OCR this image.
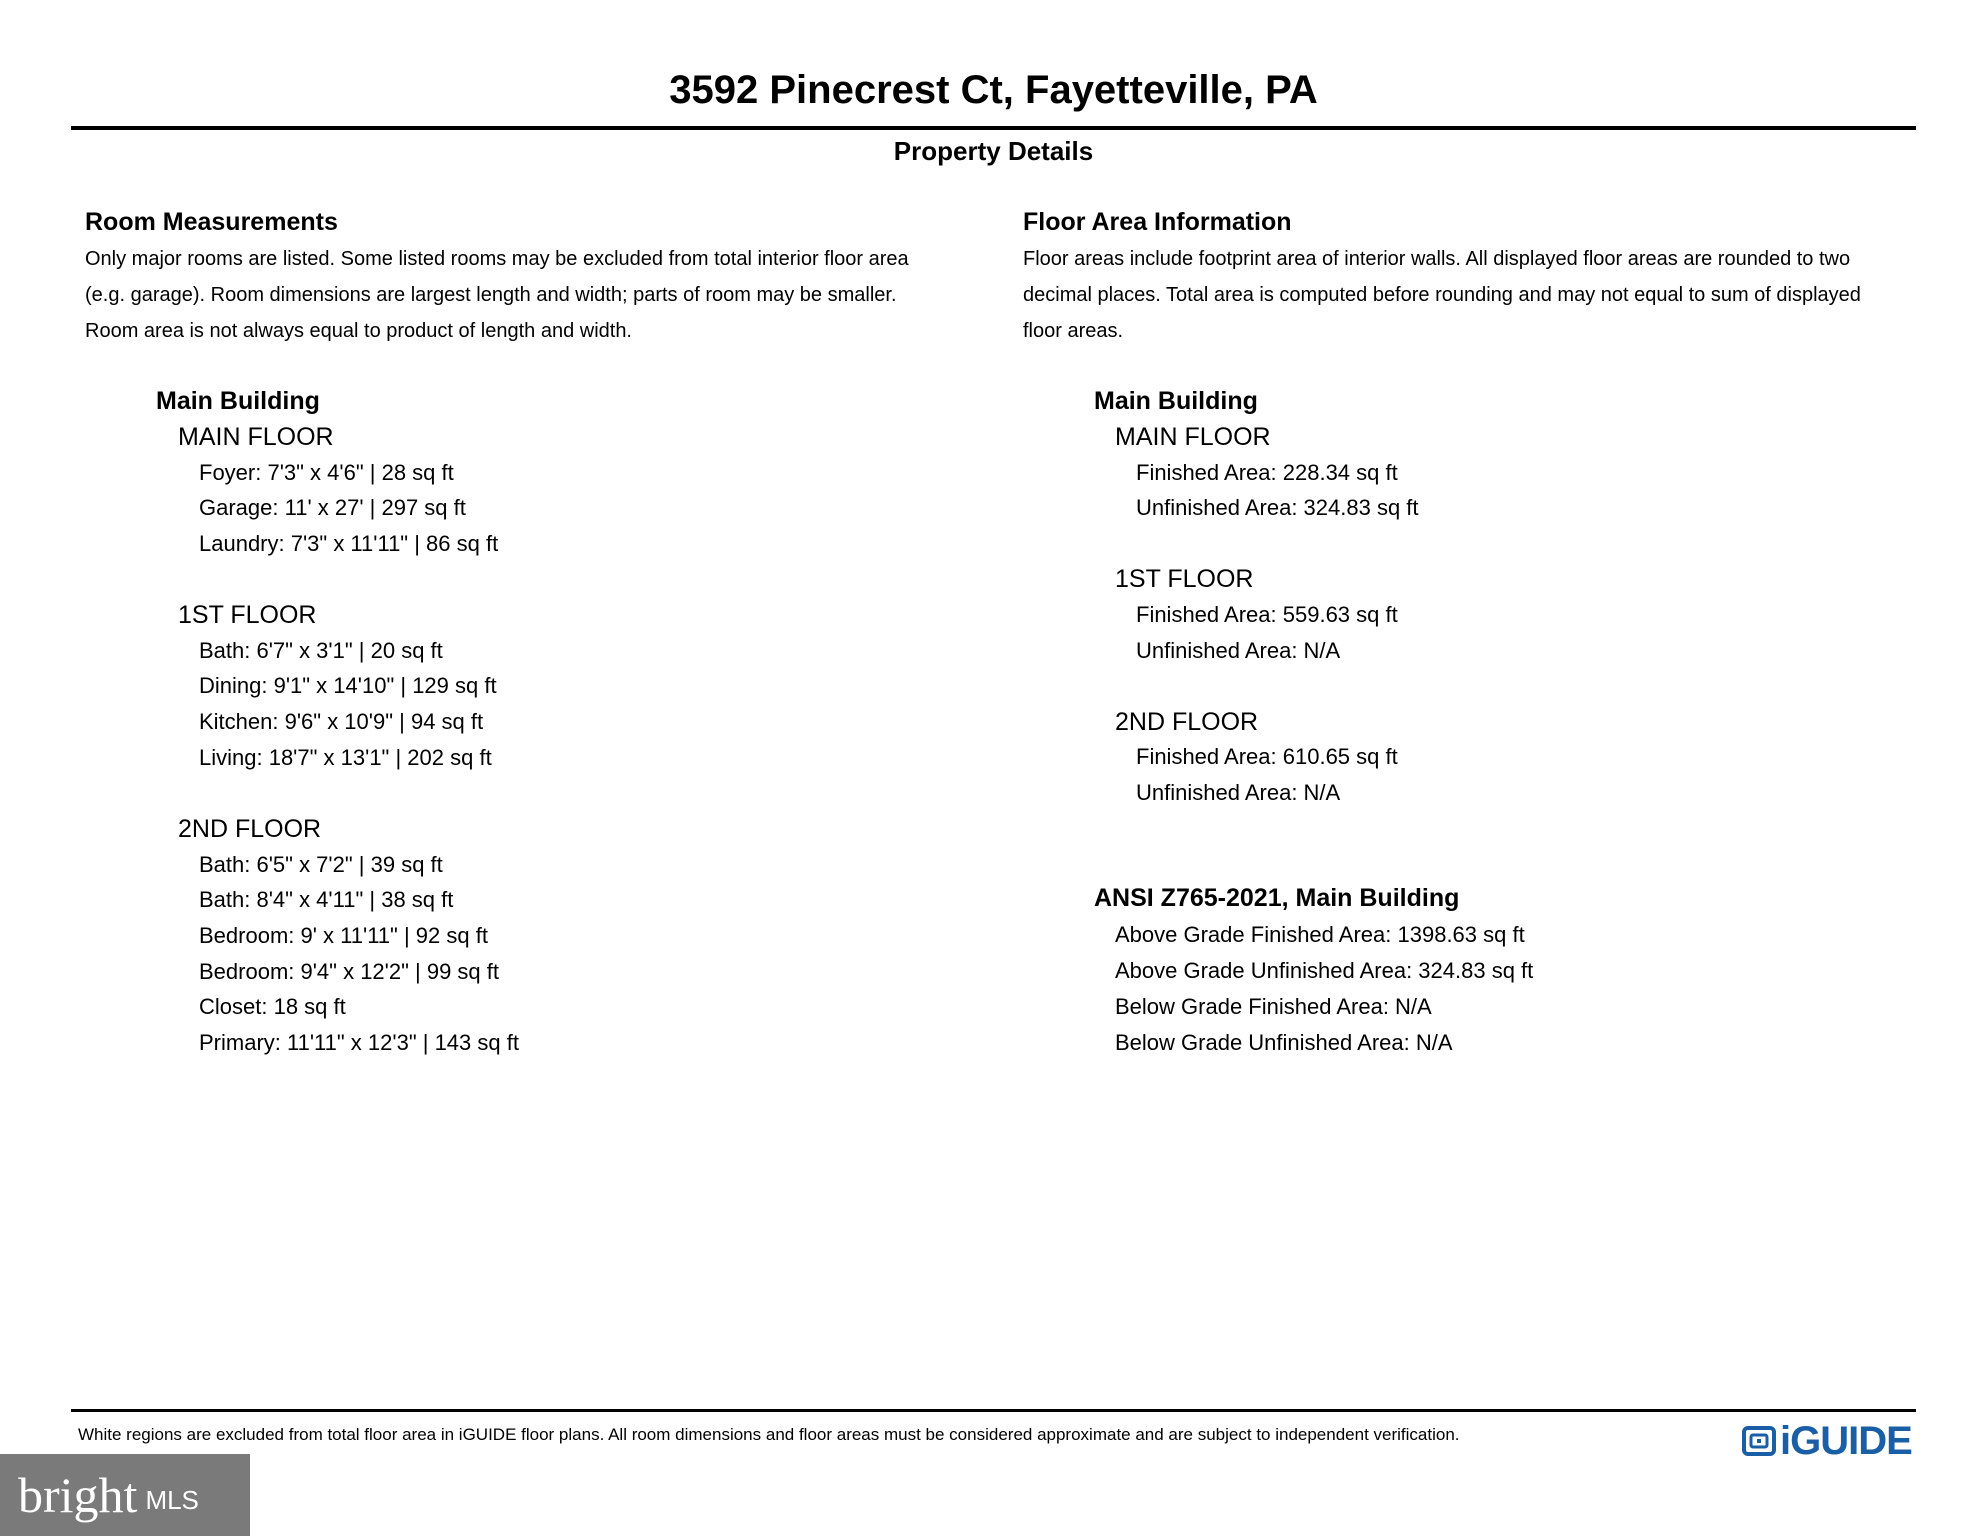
3592 Pinecrest Ct, Fayetteville, PA
Property Details
Room Measurements
Only major rooms are listed. Some listed rooms may be excluded from total interior floor area
(e.g. garage). Room dimensions are largest length and width; parts of room may be smaller.
Room area is not always equal to product of length and width.
Main Building
MAIN FLOOR
Foyer: 7'3" x 4'6" | 28 sq ft
Garage: 11' x 27' | 297 sq ft
Laundry: 7'3" x 11'11" | 86 sq ft
1ST FLOOR
Bath: 6'7" x 3'1" | 20 sq ft
Dining: 9'1" x 14'10" | 129 sq ft
Kitchen: 9'6" x 10'9" | 94 sq ft
Living: 18'7" x 13'1" | 202 sq ft
2ND FLOOR
Bath: 6'5" x 7'2" | 39 sq ft
Bath: 8'4" x 4'11" | 38 sq ft
Bedroom: 9' x 11'11" | 92 sq ft
Bedroom: 9'4" x 12'2" | 99 sq ft
Closet: 18 sq ft
Primary: 11'11" x 12'3" | 143 sq ft
Floor Area Information
Floor areas include footprint area of interior walls. All displayed floor areas are rounded to two
decimal places. Total area is computed before rounding and may not equal to sum of displayed
floor areas.
Main Building
MAIN FLOOR
Finished Area: 228.34 sq ft
Unfinished Area: 324.83 sq ft
1ST FLOOR
Finished Area: 559.63 sq ft
Unfinished Area: N/A
2ND FLOOR
Finished Area: 610.65 sq ft
Unfinished Area: N/A
ANSI Z765-2021, Main Building
Above Grade Finished Area: 1398.63 sq ft
Above Grade Unfinished Area: 324.83 sq ft
Below Grade Finished Area: N/A
Below Grade Unfinished Area: N/A
White regions are excluded from total floor area in iGUIDE floor plans. All room dimensions and floor areas must be considered approximate and are subject to independent verification.	iGUIDE
bright MLS
